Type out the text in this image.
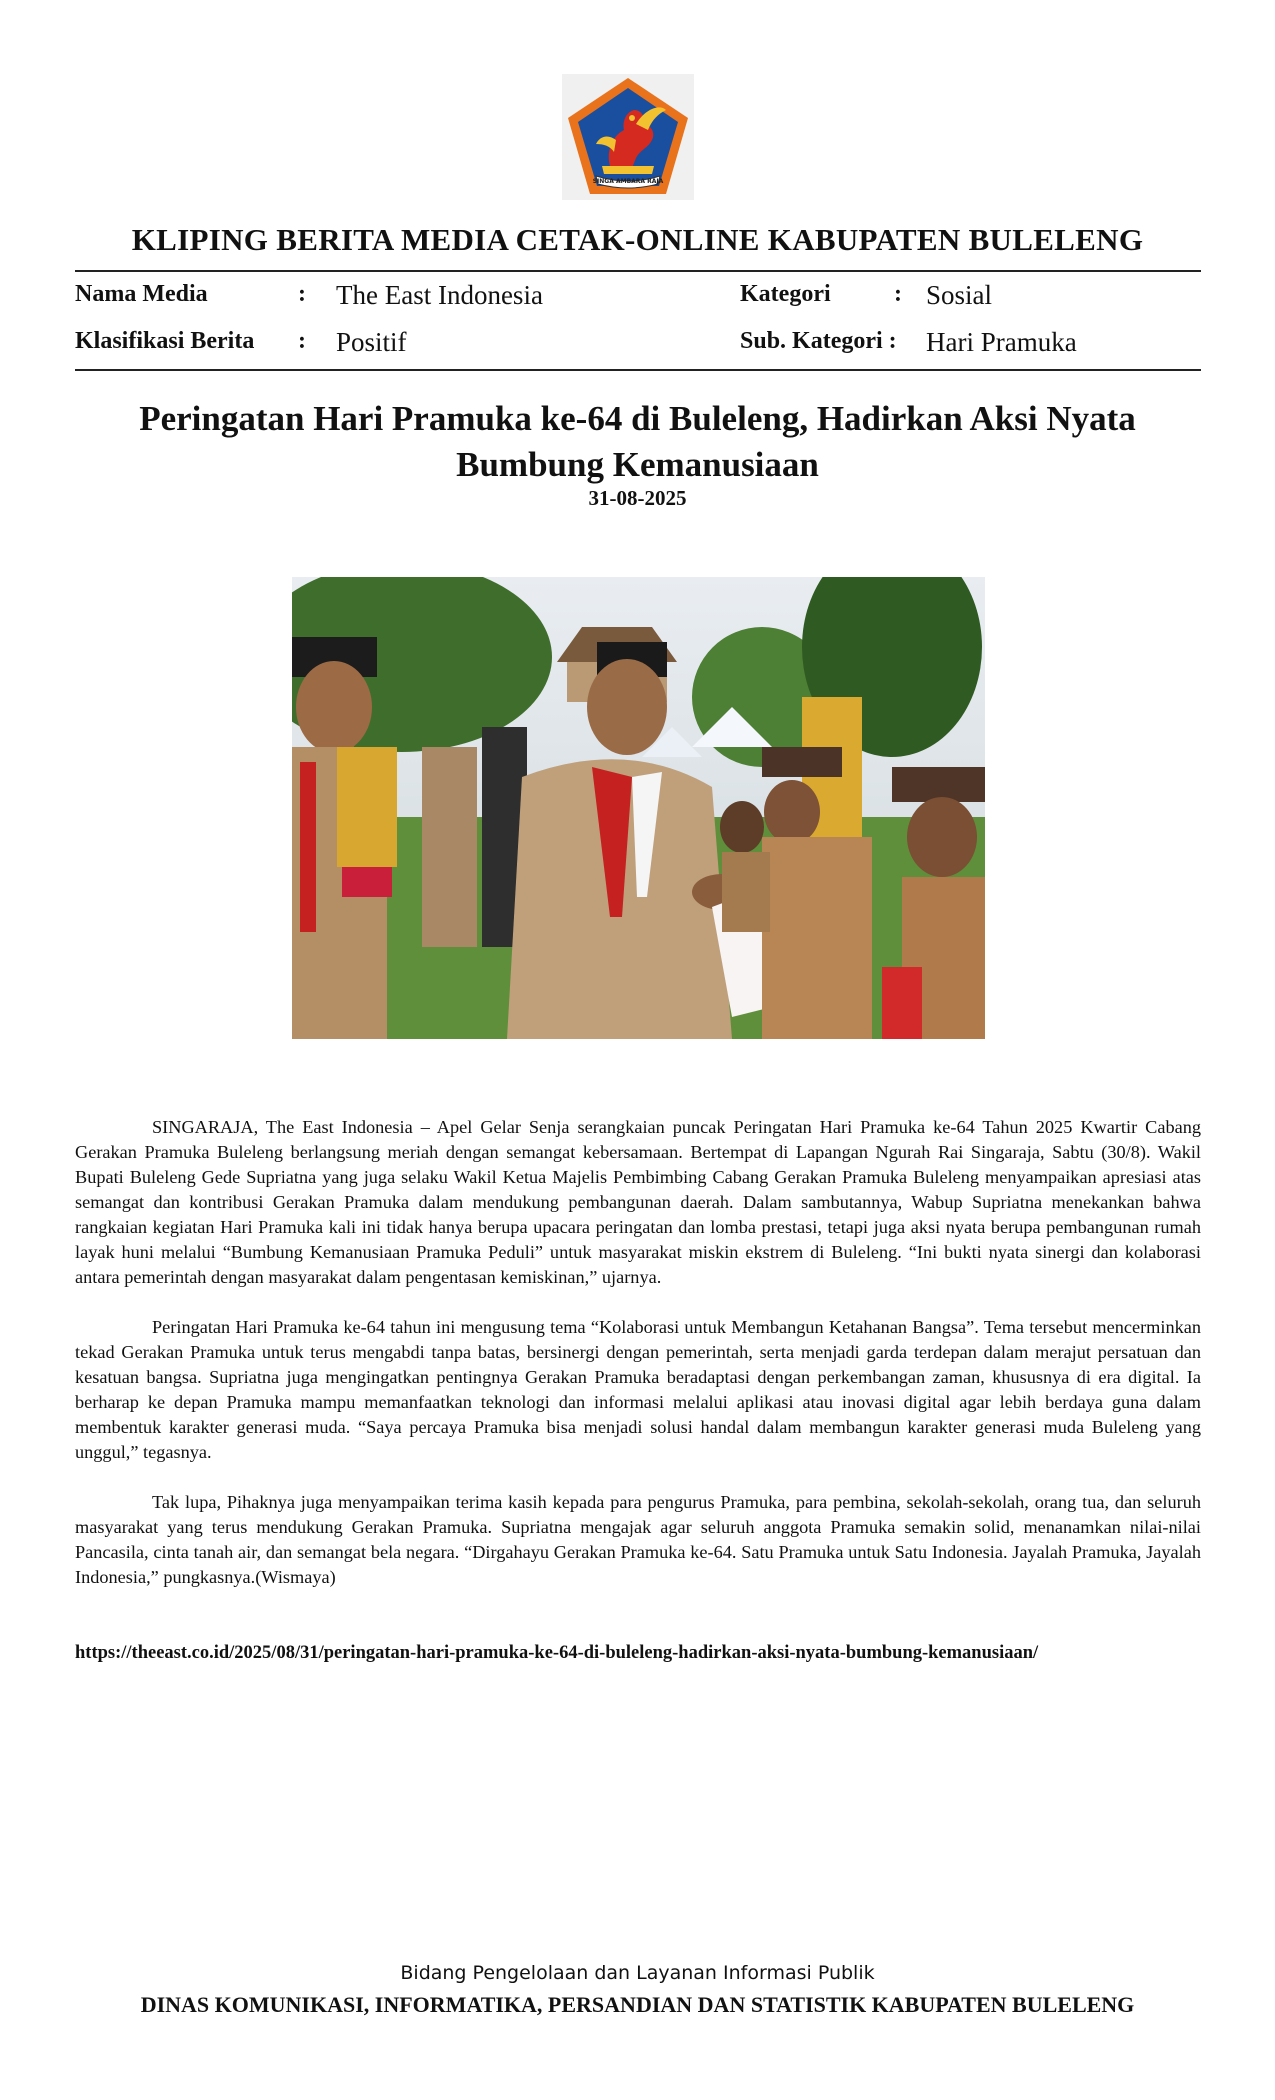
SINGA AMBARA RAJA
KLIPING BERITA MEDIA CETAK-ONLINE KABUPATEN BULELENG
Nama Media	: The East Indonesia	Kategori	: Sosial
Klasifikasi Berita : Positif	Sub. Kategori : Hari Pramuka
Peringatan Hari Pramuka ke-64 di Buleleng, Hadirkan Aksi Nyata Bumbung Kemanusiaan
31-08-2025

SINGARAJA, The East Indonesia – Apel Gelar Senja serangkaian puncak Peringatan Hari Pramuka ke-64 Tahun 2025 Kwartir Cabang Gerakan Pramuka Buleleng berlangsung meriah dengan semangat kebersamaan. Bertempat di Lapangan Ngurah Rai Singaraja, Sabtu (30/8). Wakil Bupati Buleleng Gede Supriatna yang juga selaku Wakil Ketua Majelis Pembimbing Cabang Gerakan Pramuka Buleleng menyampaikan apresiasi atas semangat dan kontribusi Gerakan Pramuka dalam mendukung pembangunan daerah. Dalam sambutannya, Wabup Supriatna menekankan bahwa rangkaian kegiatan Hari Pramuka kali ini tidak hanya berupa upacara peringatan dan lomba prestasi, tetapi juga aksi nyata berupa pembangunan rumah layak huni melalui “Bumbung Kemanusiaan Pramuka Peduli” untuk masyarakat miskin ekstrem di Buleleng. “Ini bukti nyata sinergi dan kolaborasi antara pemerintah dengan masyarakat dalam pengentasan kemiskinan,” ujarnya.

Peringatan Hari Pramuka ke-64 tahun ini mengusung tema “Kolaborasi untuk Membangun Ketahanan Bangsa”. Tema tersebut mencerminkan tekad Gerakan Pramuka untuk terus mengabdi tanpa batas, bersinergi dengan pemerintah, serta menjadi garda terdepan dalam merajut persatuan dan kesatuan bangsa. Supriatna juga mengingatkan pentingnya Gerakan Pramuka beradaptasi dengan perkembangan zaman, khususnya di era digital. Ia berharap ke depan Pramuka mampu memanfaatkan teknologi dan informasi melalui aplikasi atau inovasi digital agar lebih berdaya guna dalam membentuk karakter generasi muda. “Saya percaya Pramuka bisa menjadi solusi handal dalam membangun karakter generasi muda Buleleng yang unggul,” tegasnya.

Tak lupa, Pihaknya juga menyampaikan terima kasih kepada para pengurus Pramuka, para pembina, sekolah-sekolah, orang tua, dan seluruh masyarakat yang terus mendukung Gerakan Pramuka. Supriatna mengajak agar seluruh anggota Pramuka semakin solid, menanamkan nilai-nilai Pancasila, cinta tanah air, dan semangat bela negara. “Dirgahayu Gerakan Pramuka ke-64. Satu Pramuka untuk Satu Indonesia. Jayalah Pramuka, Jayalah Indonesia,” pungkasnya.(Wismaya)

https://theeast.co.id/2025/08/31/peringatan-hari-pramuka-ke-64-di-buleleng-hadirkan-aksi-nyata-bumbung-kemanusiaan/
Bidang Pengelolaan dan Layanan Informasi Publik
DINAS KOMUNIKASI, INFORMATIKA, PERSANDIAN DAN STATISTIK KABUPATEN BULELENG
